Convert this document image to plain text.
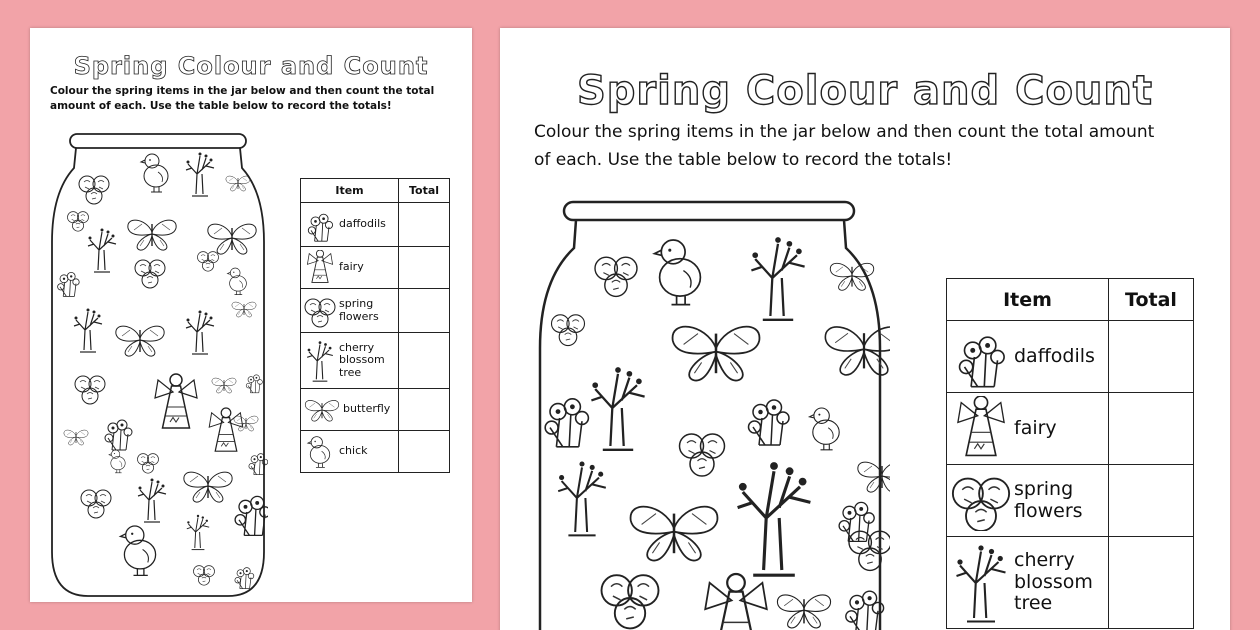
Spring Colour and Count
Colour the spring items in the jar below and then count the total amount of each. Use the table below to record the totals!
Item	Total

daffodils	

fairy	

spring
flowers	

cherry
blossom
tree	

butterfly	

chick	

Spring Colour and Count
Colour the spring items in the jar below and then count the total amount
of each. Use the table below to record the totals!
Item	Total

daffodils	

fairy	

spring
flowers	

cherry
blossom
tree	
